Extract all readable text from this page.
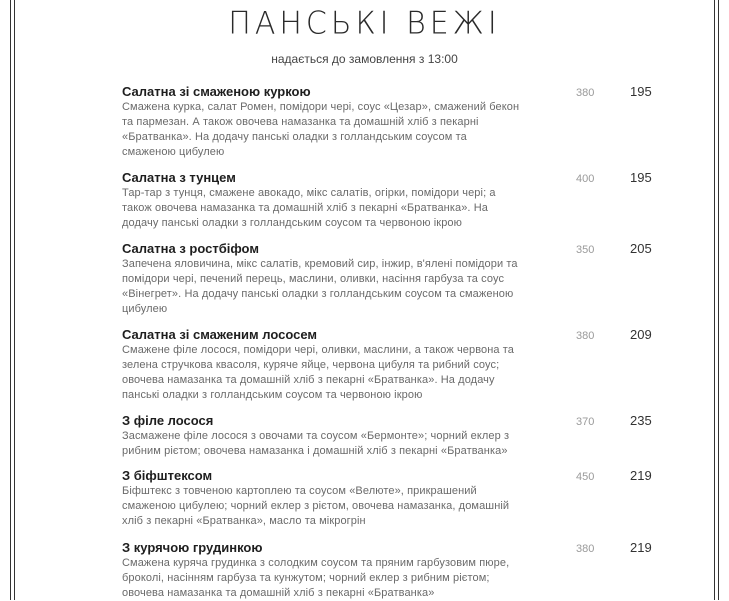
ПАНСЬКІ ВЕЖІ
надається до замовлення з 13:00
Салатна зі смаженою куркою
Смажена курка, салат Ромен, помідори чері, соус «Цезар», смажений бекон та пармезан. А також овочева намазанка та домашній хліб з пекарні «Братванка». На додачу панські оладки з голландським соусом та смаженою цибулею
380	195
Салатна з тунцем
Тар-тар з тунця, смажене авокадо, мікс салатів, огірки, помідори чері; а також овочева намазанка та домашній хліб з пекарні «Братванка». На додачу панські оладки з голландським соусом та червоною ікрою
400	195
Салатна з ростбіфом
Запечена яловичина, мікс салатів, кремовий сир, інжир, в'ялені помідори та помідори чері, печений перець, маслини, оливки, насіння гарбуза та соус «Вінегрет». На додачу панські оладки з голландським соусом та смаженою цибулею
350	205
Салатна зі смаженим лососем
Смажене філе лосося, помідори чері, оливки, маслини, а також червона та зелена стручкова квасоля, куряче яйце, червона цибуля та рибний соус; овочева намазанка та домашній хліб з пекарні «Братванка». На додачу панські оладки з голландським соусом та червоною ікрою
380	209
З філе лосося
Засмажене філе лосося з овочами та соусом «Бермонте»; чорний еклер з рибним рієтом; овочева намазанка і домашній хліб з пекарні «Братванка»
370	235
З біфштексом
Біфштекс з товченою картоплею та соусом «Велюте», прикрашений смаженою цибулею; чорний еклер з рієтом, овочева намазанка, домашній хліб з пекарні «Братванка», масло та мікрогрін
450	219
З курячою грудинкою
Смажена куряча грудинка з солодким соусом та пряним гарбузовим пюре, броколі, насінням гарбуза та кунжутом; чорний еклер з рибним рієтом; овочева намазанка та домашній хліб з пекарні «Братванка»
380	219
